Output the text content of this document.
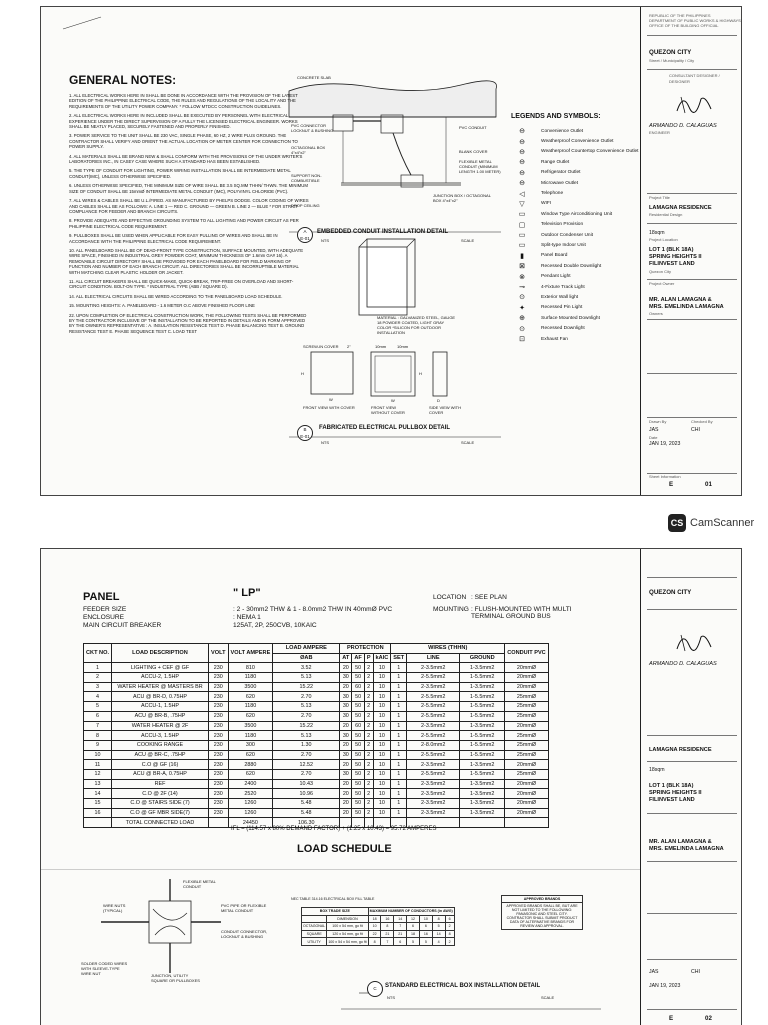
GENERAL NOTES:

1. ALL ELECTRICAL WORKS HERE IN SHALL BE DONE IN ACCORDANCE WITH THE PROVISION OF THE LATEST EDITION OF THE PHILIPPINE ELECTRICAL CODE, THE RULES AND REGULATIONS OF THE LOCALITY AND THE REQUIREMENTS OF THE UTILITY POWER COMPANY. * FOLLOW MTDCC CONSTRUCTION GUIDELINES.

2. ALL ELECTRICAL WORKS HERE IN INCLUDED SHALL BE EXECUTED BY PERSONNEL WITH ELECTRICAL EXPERIENCE UNDER THE DIRECT SUPERVISION OF A FULLY THE LICENSED ELECTRICAL ENGINEER. WORKS SHALL BE NEATLY PLACED, SECURELY FASTENED AND PROPERLY FINISHED.

3. POWER SERVICE TO THE UNIT SHALL BE 230 VAC, SINGLE PHASE, 60 HZ, 2 WIRE PLUS GROUND. THE CONTRACTOR SHALL VERIFY AND ORIENT THE ACTUAL LOCATION OF METER CENTER FOR CONNECTION TO POWER SUPPLY.

4. ALL MATERIALS SHALL BE BRAND NEW & SHALL CONFORM WITH THE PROVISIONS OF THE UNDER WRITER'S LABORATORIES INC., IN CASEY CASE WHERE SUCH A STANDARD HAS BEEN ESTABLISHED.

5. THE TYPE OF CONDUIT FOR LIGHTING, POWER WIRING INSTALLATION SHALL BE INTERMEDIATE METAL CONDUIT(IMC), UNLESS OTHERWISE SPECIFIED.

6. UNLESS OTHERWISE SPECIFIED, THE MINIMUM SIZE OF WIRE SHALL BE 3.5 SQ.MM THHN/ THWN. THE MINIMUM SIZE OF CONDUIT SHALL BE 15mmØ INTERMEDIATE METAL CONDUIT (IMC), POLYVINYL CHLORIDE (PVC).

7. ALL WIRES & CABLES SHALL BE U.L./FIRED. AS MANUFACTURED BY PHELPS DODGE. COLOR CODING OF WIRES AND CABLES SHALL BE AS FOLLOWS: A. LINE 1 — RED C. GROUND — GREEN B. LINE 2 — BLUE * FOR STRICT COMPLIANCE FOR FEEDER AND BRANCH CIRCUITS.

8. PROVIDE ADEQUATE AND EFFECTIVE GROUNDING SYSTEM TO ALL LIGHTING AND POWER CIRCUIT AS PER PHILIPPINE ELECTRICAL CODE REQUIREMENT.

9. PULLBOXES SHALL BE USED WHEN APPLICABLE FOR EASY PULLING OF WIRES AND SHALL BE IN ACCORDANCE WITH THE PHILIPPINE ELECTRICAL CODE REQUIREMENT.

10. ALL PANELBOARD SHALL BE OF DEAD-FRONT TYPE CONSTRUCTION, SURFACE MOUNTED, WITH ADEQUATE WIRE SPACE, FINISHED IN INDUSTRIAL GREY POWDER COAT, MINIMUM THICKNESS OF 1.6mm GA# 16). A REMOVABLE CIRCUIT DIRECTORY SHALL BE PROVIDED FOR EACH PANELBOARD FOR FIELD MARKING OF FUNCTION AND NUMBER OF EACH BRANCH CIRCUIT. ALL DIRECTORIES SHALL BE INCORRUPTIBLE MATERIAL WITH MATCHING CLEAR PLASTIC HOLDER OR JACKET.

11. ALL CIRCUIT BREAKERS SHALL BE QUICK-MAKE, QUICK-BREAK, TRIP-FREE ON OVERLOAD AND SHORT-CIRCUIT CONDITION. BOLT-ON TYPE. * INDUSTRIAL TYPE (ABB / SQUARE D).

14. ALL ELECTRICAL CIRCUITS SHALL BE WIRED ACCORDING TO THE PANELBOARD LOAD SCHEDULE.

15. MOUNTING HEIGHTS: A. PANELBOARD - 1.6 METER O.C ABOVE FINISHED FLOOR LINE

22. UPON COMPLETION OF ELECTRICAL CONSTRUCTION WORK, THE FOLLOWING TESTS SHALL BE PERFORMED BY THE CONTRACTOR INCLUSIVE OF THE INSTALLATION TO BE REPORTED IN DETAILS AND IN FORM APPROVED BY THE OWNER'S REPRESENTATIVE : A. INSULATION RESISTANCE TEST D. PHASE BALANCING TEST B. GROUND RESISTANCE TEST E. PHASE SEQUENCE TEST C. LOAD TEST

CONCRETE SLAB
PVC CONNECTOR LOCKNUT & BUSHING
PVC CONDUIT
OCTAGONAL BOX 4"x4"x2"	BLANK COVER
FLEXIBLE METAL CONDUIT (MINIMUM LENGTH 1.00 METER)
SUPPORT NON-COMBUSTIBLE
DROP CEILING
JUNCTION BOX / OCTAGONAL BOX 4"x4"x2"
A
E-01
EMBEDDED CONDUIT INSTALLATION DETAIL
NTS	SCALE
MATERIAL : GALVANIZED STEEL, GAUGE 18 POWDER COATED, LIGHT GRAY COLOR *SILICON FOR OUTDOOR INSTALLATION
SCREW-IN COVER 2"	10mm	10mm
W
H	H
W	D
FRONT VIEW WITH COVER	FRONT VIEW WITHOUT COVER
SIDE VIEW WITH COVER
B
E-01
FABRICATED ELECTRICAL PULLBOX DETAIL
NTS	SCALE
LEGENDS AND SYMBOLS:
⊖	Convenience Outlet
⊖	Weatherproof Convenience Outlet
⊖	Weatherproof Countertop Convenience Outlet
⊖	Range Outlet
⊖	Refrigerator Outlet
⊖	Microwave Outlet
◁	Telephone
▽	WIFI
▭	Window Type Airconditioning Unit
▢	Television Provision
▭	Outdoor Condenser Unit
▭	Split-type Indoor Unit
▮	Panel Board
⊠	Recessed Double Downlight
⊗	Pendant Light
⊸	4-Fixture Track Light
⊙	Exterior Wall light
✦	Recessed Pin Light
⊕	Surface Mounted Downlight
⊙	Recessed Downlight
⊡	Exhaust Fan
REPUBLIC OF THE PHILIPPINES
DEPARTMENT OF PUBLIC WORKS & HIGHWAYS
OFFICE OF THE BUILDING OFFICIAL
QUEZON CITY
Street / Municipality / City
CONSULTANT DESIGNER / DESIGNER
ARMANDO D. CALAGUAS
ENGINEER
Project Title
LAMAGNA RESIDENCE
Residential Design
18sqm
Project Location
LOT 1 (BLK 18A)
SPRING HEIGHTS II
FILINVEST LAND
Quezon City
Project Owner
MR. ALAN LAMAGNA &
MRS. EMELINDA LAMAGNA
Owners
Drawn By	Checked By
JAS	CHI
Date
JAN 19, 2023
Sheet Information
E	01
CS CamScanner
PANEL	" LP"
FEEDER SIZE	: 2 - 30mm2 THW & 1 - 8.0mm2 THW IN 40mmØ PVC
ENCLOSURE	: NEMA 1
MAIN CIRCUIT BREAKER	125AT, 2P, 250CVB, 10KAIC
LOCATION : SEE PLAN
MOUNTING : FLUSH-MOUNTED WITH MULTI TERMINAL GROUND BUS
CKT NO.	LOAD DESCRIPTION	VOLT	VOLT AMPERE	LOAD AMPERE	PROTECTION				WIRES (THHN)			CONDUIT PVC
				ØAB	AT	AF	P	kAIC	SET	LINE	GROUND	
1	LIGHTING + CEF @ GF	230	810	3.52	20	50	2	10	1	2-3.5mm2	1-3.5mm2	20mmØ
2	ACCU-2, 1.5HP	230	1180	5.13	30	50	2	10	1	2-5.5mm2	1-5.5mm2	20mmØ
3	WATER HEATER @ MASTERS BR	230	3500	15.22	20	60	2	10	1	2-3.5mm2	1-3.5mm2	20mmØ
4	ACU @ BR-D, 0.75HP	230	620	2.70	30	50	2	10	1	2-5.5mm2	1-5.5mm2	25mmØ
5	ACCU-1, 1.5HP	230	1180	5.13	30	50	2	10	1	2-5.5mm2	1-5.5mm2	25mmØ
6	ACU @ BR-B, .75HP	230	620	2.70	30	50	2	10	1	2-5.5mm2	1-5.5mm2	25mmØ
7	WATER HEATER @ 2F	230	3500	15.22	20	60	2	10	1	2-3.5mm2	1-3.5mm2	20mmØ
8	ACCU-3, 1.5HP	230	1180	5.13	30	50	2	10	1	2-5.5mm2	1-5.5mm2	25mmØ
9	COOKING RANGE	230	300	1.30	20	50	2	10	1	2-8.0mm2	1-5.5mm2	25mmØ
10	ACU @ BR-C, .75HP	230	620	2.70	30	50	2	10	1	2-5.5mm2	1-5.5mm2	25mmØ
11	C.O @ GF (16)	230	2880	12.52	20	50	2	10	1	2-3.5mm2	1-3.5mm2	20mmØ
12	ACU @ BR-A, 0.75HP	230	620	2.70	30	50	2	10	1	2-5.5mm2	1-5.5mm2	25mmØ
13	REF	230	2400	10.43	20	50	2	10	1	2-3.5mm2	1-3.5mm2	20mmØ
14	C.O @ 2F (14)	230	2520	10.96	20	50	2	10	1	2-3.5mm2	1-3.5mm2	20mmØ
15	C.O @ STAIRS SIDE (7)	230	1260	5.48	20	50	2	10	1	2-3.5mm2	1-3.5mm2	20mmØ
16	C.O @ GF MBR SIDE(7)	230	1260	5.48	20	50	2	10	1	2-3.5mm2	1-3.5mm2	20mmØ
	TOTAL CONNECTED LOAD		24450	106.30								
IFL = (114.57 x 80% DEMAND FACTOR) + (1.25 x 10.43) = 95.72 AMPERES
LOAD SCHEDULE
FLEXIBLE METAL CONDUIT
WIRE NUTS (TYPICAL)
PVC PIPE OR FLEXIBLE METAL CONDUIT
CONDUIT CONNECTOR, LOCKNUT & BUSHING
SOLDER CODED WIRES WITH SLEEVE-TYPE WIRE NUT	JUNCTION, UTILITY SQUARE OR PULLBOXES
NEC TABLE 314.16 ELECTRICAL BOX FILL TABLE
BOX TRADE SIZE		MAXIMUM NUMBER OF CONDUCTORS (in AWG)						
	DIMENSION	18	16	14	12	10	8	6
OCTAGONAL	100 x 54 mm, go fit	10	8	7	6	6	5	2
SQUARE	120 x 54 mm, go fit	22	21	21	18	16	14	8
UTILITY	100 x 54 x 54 mm, go fit	8	7	6	5	5	4	2
APPROVED BRANDS
APPROVED BRANDS SHALL BE, BUT ARE NOT LIMITED TO THE FOLLOWING: PANASONIC AND STEEL CITY. CONTRACTOR SHALL SUBMIT PRODUCT DATA OF ALTERNATIVE BRANDS FOR REVIEW AND APPROVAL.
C	STANDARD ELECTRICAL BOX INSTALLATION DETAIL
NTS	SCALE
QUEZON CITY
ARMANDO D. CALAGUAS
LAMAGNA RESIDENCE
18sqm
LOT 1 (BLK 18A)
SPRING HEIGHTS II
FILINVEST LAND
MR. ALAN LAMAGNA &
MRS. EMELINDA LAMAGNA
JAS	CHI
JAN 19, 2023
E	02
